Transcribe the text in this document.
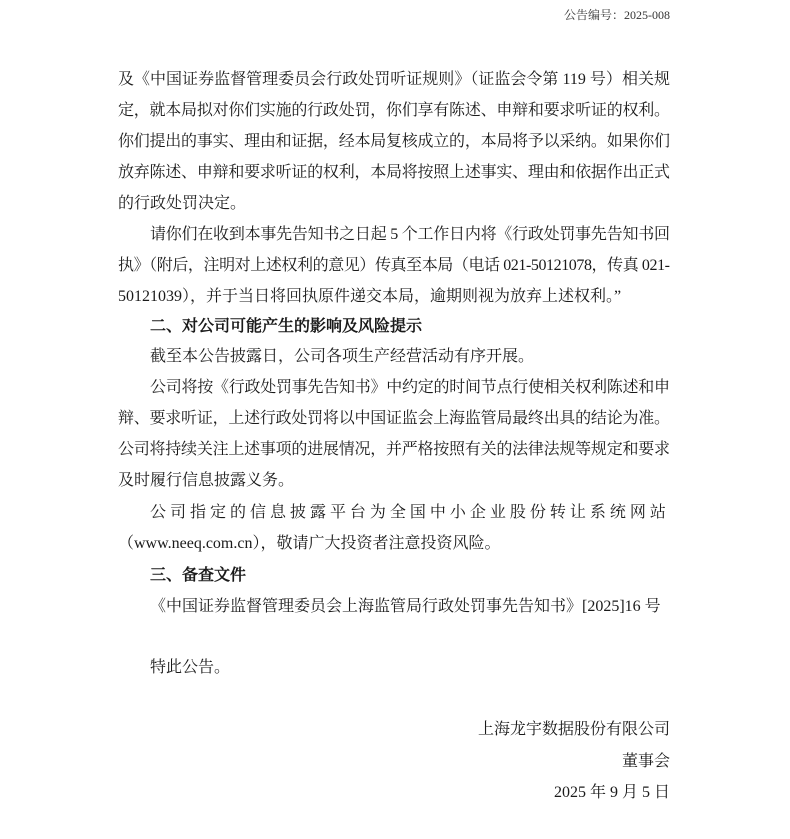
公告编号：2025-008
及《中国证券监督管理委员会行政处罚听证规则》（证监会令第 119 号）相关规
定，就本局拟对你们实施的行政处罚，你们享有陈述、申辩和要求听证的权利。
你们提出的事实、理由和证据，经本局复核成立的，本局将予以采纳。如果你们
放弃陈述、申辩和要求听证的权利，本局将按照上述事实、理由和依据作出正式
的行政处罚决定。
请你们在收到本事先告知书之日起 5 个工作日内将《行政处罚事先告知书回
执》（附后，注明对上述权利的意见）传真至本局（电话 021-50121078，传真 021-
50121039），并于当日将回执原件递交本局，逾期则视为放弃上述权利。”
二、对公司可能产生的影响及风险提示
截至本公告披露日，公司各项生产经营活动有序开展。
公司将按《行政处罚事先告知书》中约定的时间节点行使相关权利陈述和申
辩、要求听证，上述行政处罚将以中国证监会上海监管局最终出具的结论为准。
公司将持续关注上述事项的进展情况，并严格按照有关的法律法规等规定和要求
及时履行信息披露义务。
公司指定的信息披露平台为全国中小企业股份转让系统网站
（www.neeq.com.cn），敬请广大投资者注意投资风险。
三、备查文件
《中国证券监督管理委员会上海监管局行政处罚事先告知书》[2025]16 号
特此公告。
上海龙宇数据股份有限公司
董事会
2025 年 9 月 5 日
